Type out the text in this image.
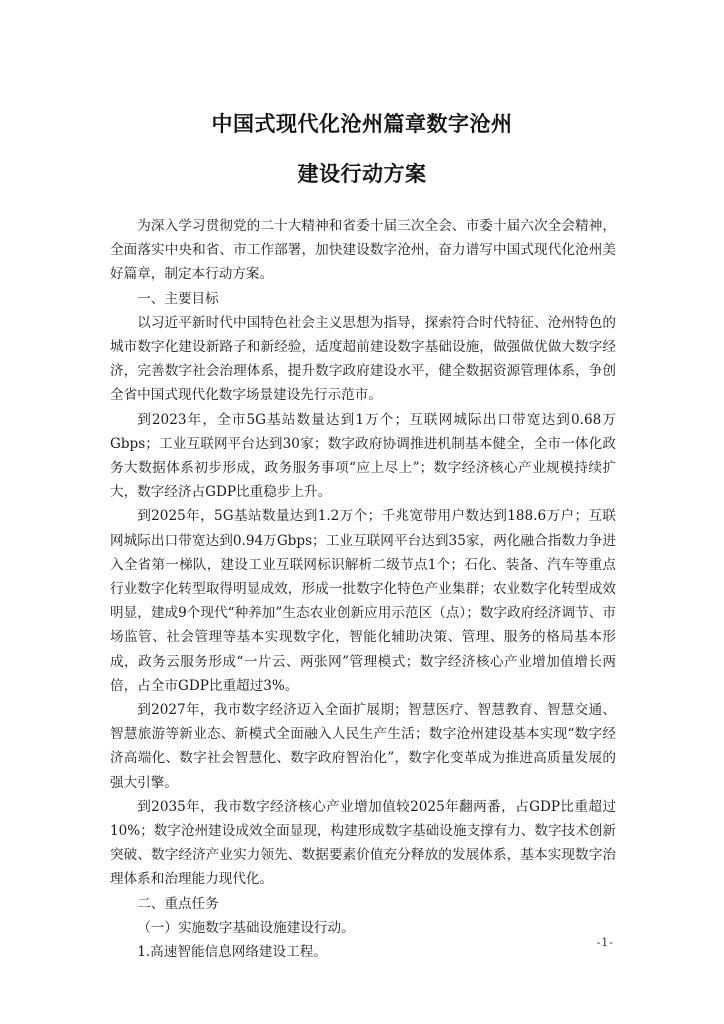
中国式现代化沧州篇章数字沧州
建设行动方案

为深入学习贯彻党的二十大精神和省委十届三次全会、市委十届六次全会精神，全面落实中央和省、市工作部署，加快建设数字沧州，奋力谱写中国式现代化沧州美好篇章，制定本行动方案。

一、主要目标

以习近平新时代中国特色社会主义思想为指导，探索符合时代特征、沧州特色的城市数字化建设新路子和新经验，适度超前建设数字基础设施，做强做优做大数字经济，完善数字社会治理体系，提升数字政府建设水平，健全数据资源管理体系，争创全省中国式现代化数字场景建设先行示范市。

到2023年，全市5G基站数量达到1万个；互联网城际出口带宽达到0.68万Gbps；工业互联网平台达到30家；数字政府协调推进机制基本健全，全市一体化政务大数据体系初步形成，政务服务事项“应上尽上”；数字经济核心产业规模持续扩大，数字经济占GDP比重稳步上升。

到2025年，5G基站数量达到1.2万个；千兆宽带用户数达到188.6万户；互联网城际出口带宽达到0.94万Gbps；工业互联网平台达到35家，两化融合指数力争进入全省第一梯队，建设工业互联网标识解析二级节点1个；石化、装备、汽车等重点行业数字化转型取得明显成效，形成一批数字化特色产业集群；农业数字化转型成效明显，建成9个现代“种养加”生态农业创新应用示范区（点）；数字政府经济调节、市场监管、社会管理等基本实现数字化，智能化辅助决策、管理、服务的格局基本形成，政务云服务形成“一片云、两张网”管理模式；数字经济核心产业增加值增长两倍，占全市GDP比重超过3%。

到2027年，我市数字经济迈入全面扩展期；智慧医疗、智慧教育、智慧交通、智慧旅游等新业态、新模式全面融入人民生产生活；数字沧州建设基本实现“数字经济高端化、数字社会智慧化、数字政府智治化”，数字化变革成为推进高质量发展的强大引擎。

到2035年，我市数字经济核心产业增加值较2025年翻两番，占GDP比重超过10%；数字沧州建设成效全面显现，构建形成数字基础设施支撑有力、数字技术创新突破、数字经济产业实力领先、数据要素价值充分释放的发展体系，基本实现数字治理体系和治理能力现代化。

二、重点任务

（一）实施数字基础设施建设行动。

1.高速智能信息网络建设工程。

-1-
